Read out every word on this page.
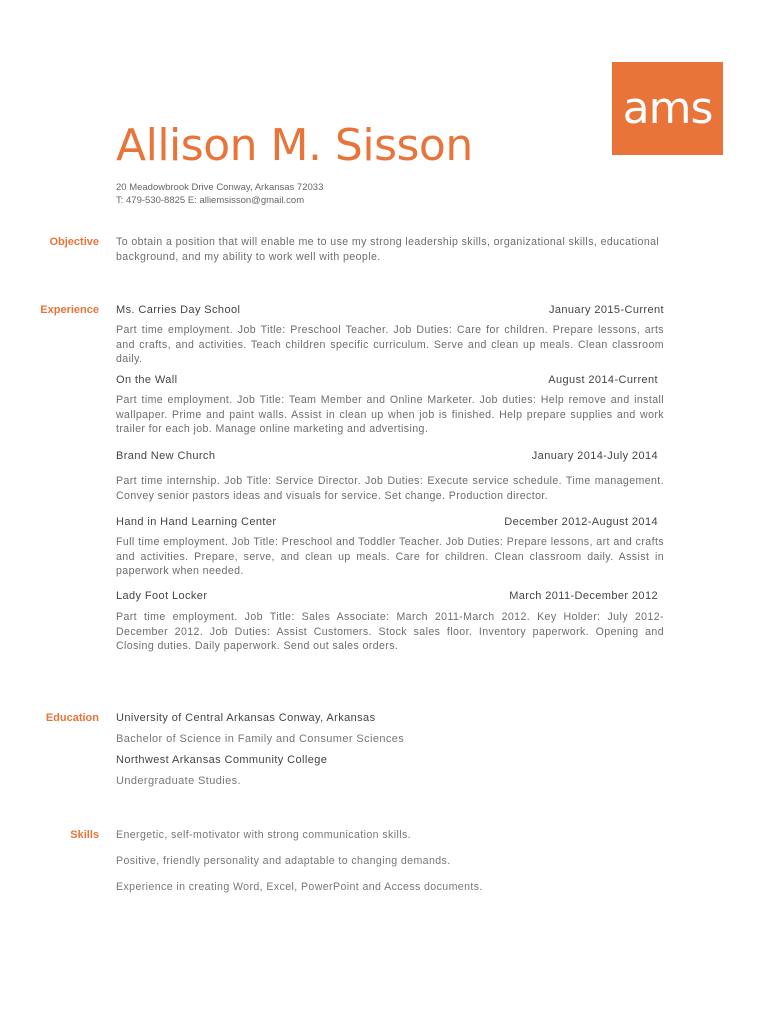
ams
Allison M. Sisson
20 Meadowbrook Drive Conway, Arkansas 72033
T: 479-530-8825 E: alliemsisson@gmail.com
Objective To obtain a position that will enable me to use my strong leadership skills, organizational skills, educational background, and my ability to work well with people.
Experience Ms. Carries Day School	January 2015-Current
Part time employment. Job Title: Preschool Teacher. Job Duties: Care for children. Prepare lessons, arts and crafts, and activities. Teach children specific curriculum. Serve and clean up meals. Clean classroom daily.
On the Wall	August 2014-Current
Part time employment. Job Title: Team Member and Online Marketer. Job duties: Help remove and install wallpaper. Prime and paint walls. Assist in clean up when job is finished. Help prepare supplies and work trailer for each job. Manage online marketing and advertising.
Brand New Church	January 2014-July 2014
Part time internship. Job Title: Service Director. Job Duties: Execute service schedule. Time management. Convey senior pastors ideas and visuals for service. Set change. Production director.
Hand in Hand Learning Center	December 2012-August 2014
Full time employment. Job Title: Preschool and Toddler Teacher. Job Duties: Prepare lessons, art and crafts and activities. Prepare, serve, and clean up meals. Care for children. Clean classroom daily. Assist in paperwork when needed.
Lady Foot Locker	March 2011-December 2012
Part time employment. Job Title: Sales Associate: March 2011-March 2012. Key Holder: July 2012-December 2012. Job Duties: Assist Customers. Stock sales floor. Inventory paperwork. Opening and Closing duties. Daily paperwork. Send out sales orders.
Education University of Central Arkansas Conway, Arkansas
Bachelor of Science in Family and Consumer Sciences
Northwest Arkansas Community College
Undergraduate Studies.
Skills Energetic, self-motivator with strong communication skills.
Positive, friendly personality and adaptable to changing demands.
Experience in creating Word, Excel, PowerPoint and Access documents.
